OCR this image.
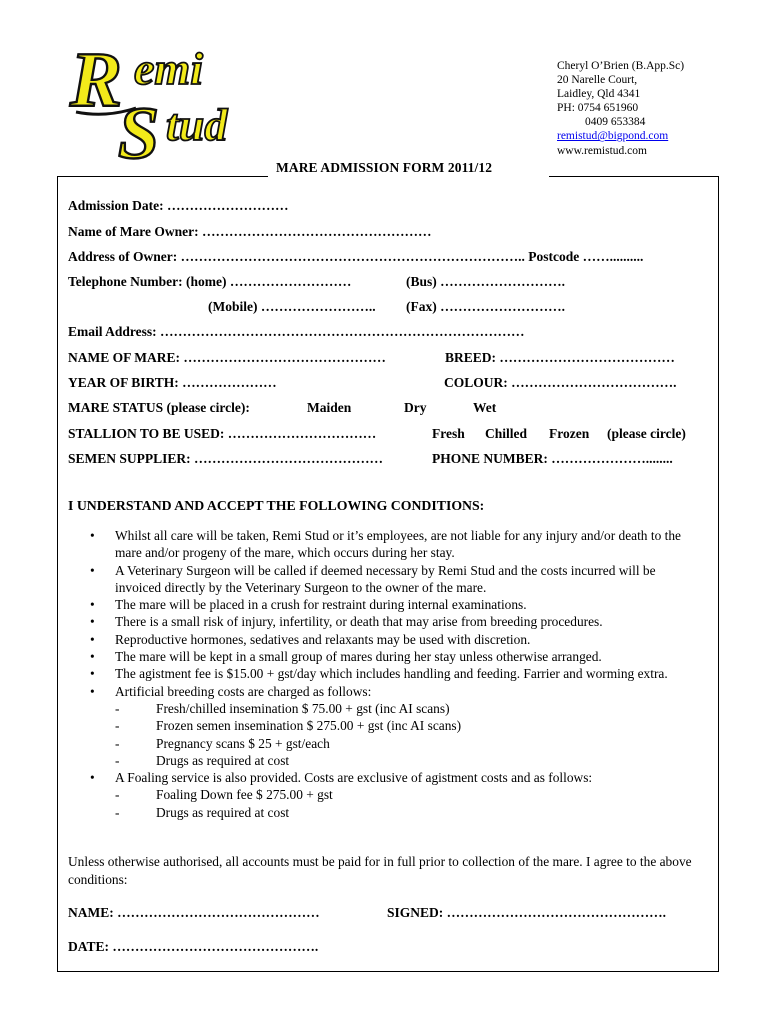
R emi
S tud
Cheryl O’Brien (B.App.Sc)
20 Narelle Court,
Laidley, Qld 4341
PH: 0754 651960
0409 653384
remistud@bigpond.com
www.remistud.com
MARE ADMISSION FORM 2011/12
Admission Date: ………………………
Name of Mare Owner: ……………………………………………
Address of Owner: ………………………………………………………………….. Postcode ……..........
Telephone Number: (home) ………………………	(Bus) ……………………….
(Mobile) …………………….. (Fax) ……………………….
Email Address: ………………………………………………………………………
NAME OF MARE: ………………………………………	BREED: …………………………………
YEAR OF BIRTH: …………………	COLOUR: ……………………………….
MARE STATUS (please circle):	Maiden	Dry	Wet
STALLION TO BE USED: ……………………………	Fresh Chilled Frozen (please circle)
SEMEN SUPPLIER: ……………………………………	PHONE NUMBER: …………………........
I UNDERSTAND AND ACCEPT THE FOLLOWING CONDITIONS:
• Whilst all care will be taken, Remi Stud or it’s employees, are not liable for any injury and/or death to the mare and/or progeny of the mare, which occurs during her stay.
• A Veterinary Surgeon will be called if deemed necessary by Remi Stud and the costs incurred will be invoiced directly by the Veterinary Surgeon to the owner of the mare.
• The mare will be placed in a crush for restraint during internal examinations.
• There is a small risk of injury, infertility, or death that may arise from breeding procedures.
• Reproductive hormones, sedatives and relaxants may be used with discretion.
• The mare will be kept in a small group of mares during her stay unless otherwise arranged.
• The agistment fee is $15.00 + gst/day which includes handling and feeding. Farrier and worming extra.
• Artificial breeding costs are charged as follows:
-	Fresh/chilled insemination $ 75.00 + gst (inc AI scans)
-	Frozen semen insemination $ 275.00 + gst (inc AI scans)
-	Pregnancy scans $ 25 + gst/each
-	Drugs as required at cost
• A Foaling service is also provided. Costs are exclusive of agistment costs and as follows:
-	Foaling Down fee $ 275.00 + gst
-	Drugs as required at cost
Unless otherwise authorised, all accounts must be paid for in full prior to collection of the mare. I agree to the above conditions:
NAME: ………………………………………	SIGNED: ………………………………………….
DATE: ……………………………………….
